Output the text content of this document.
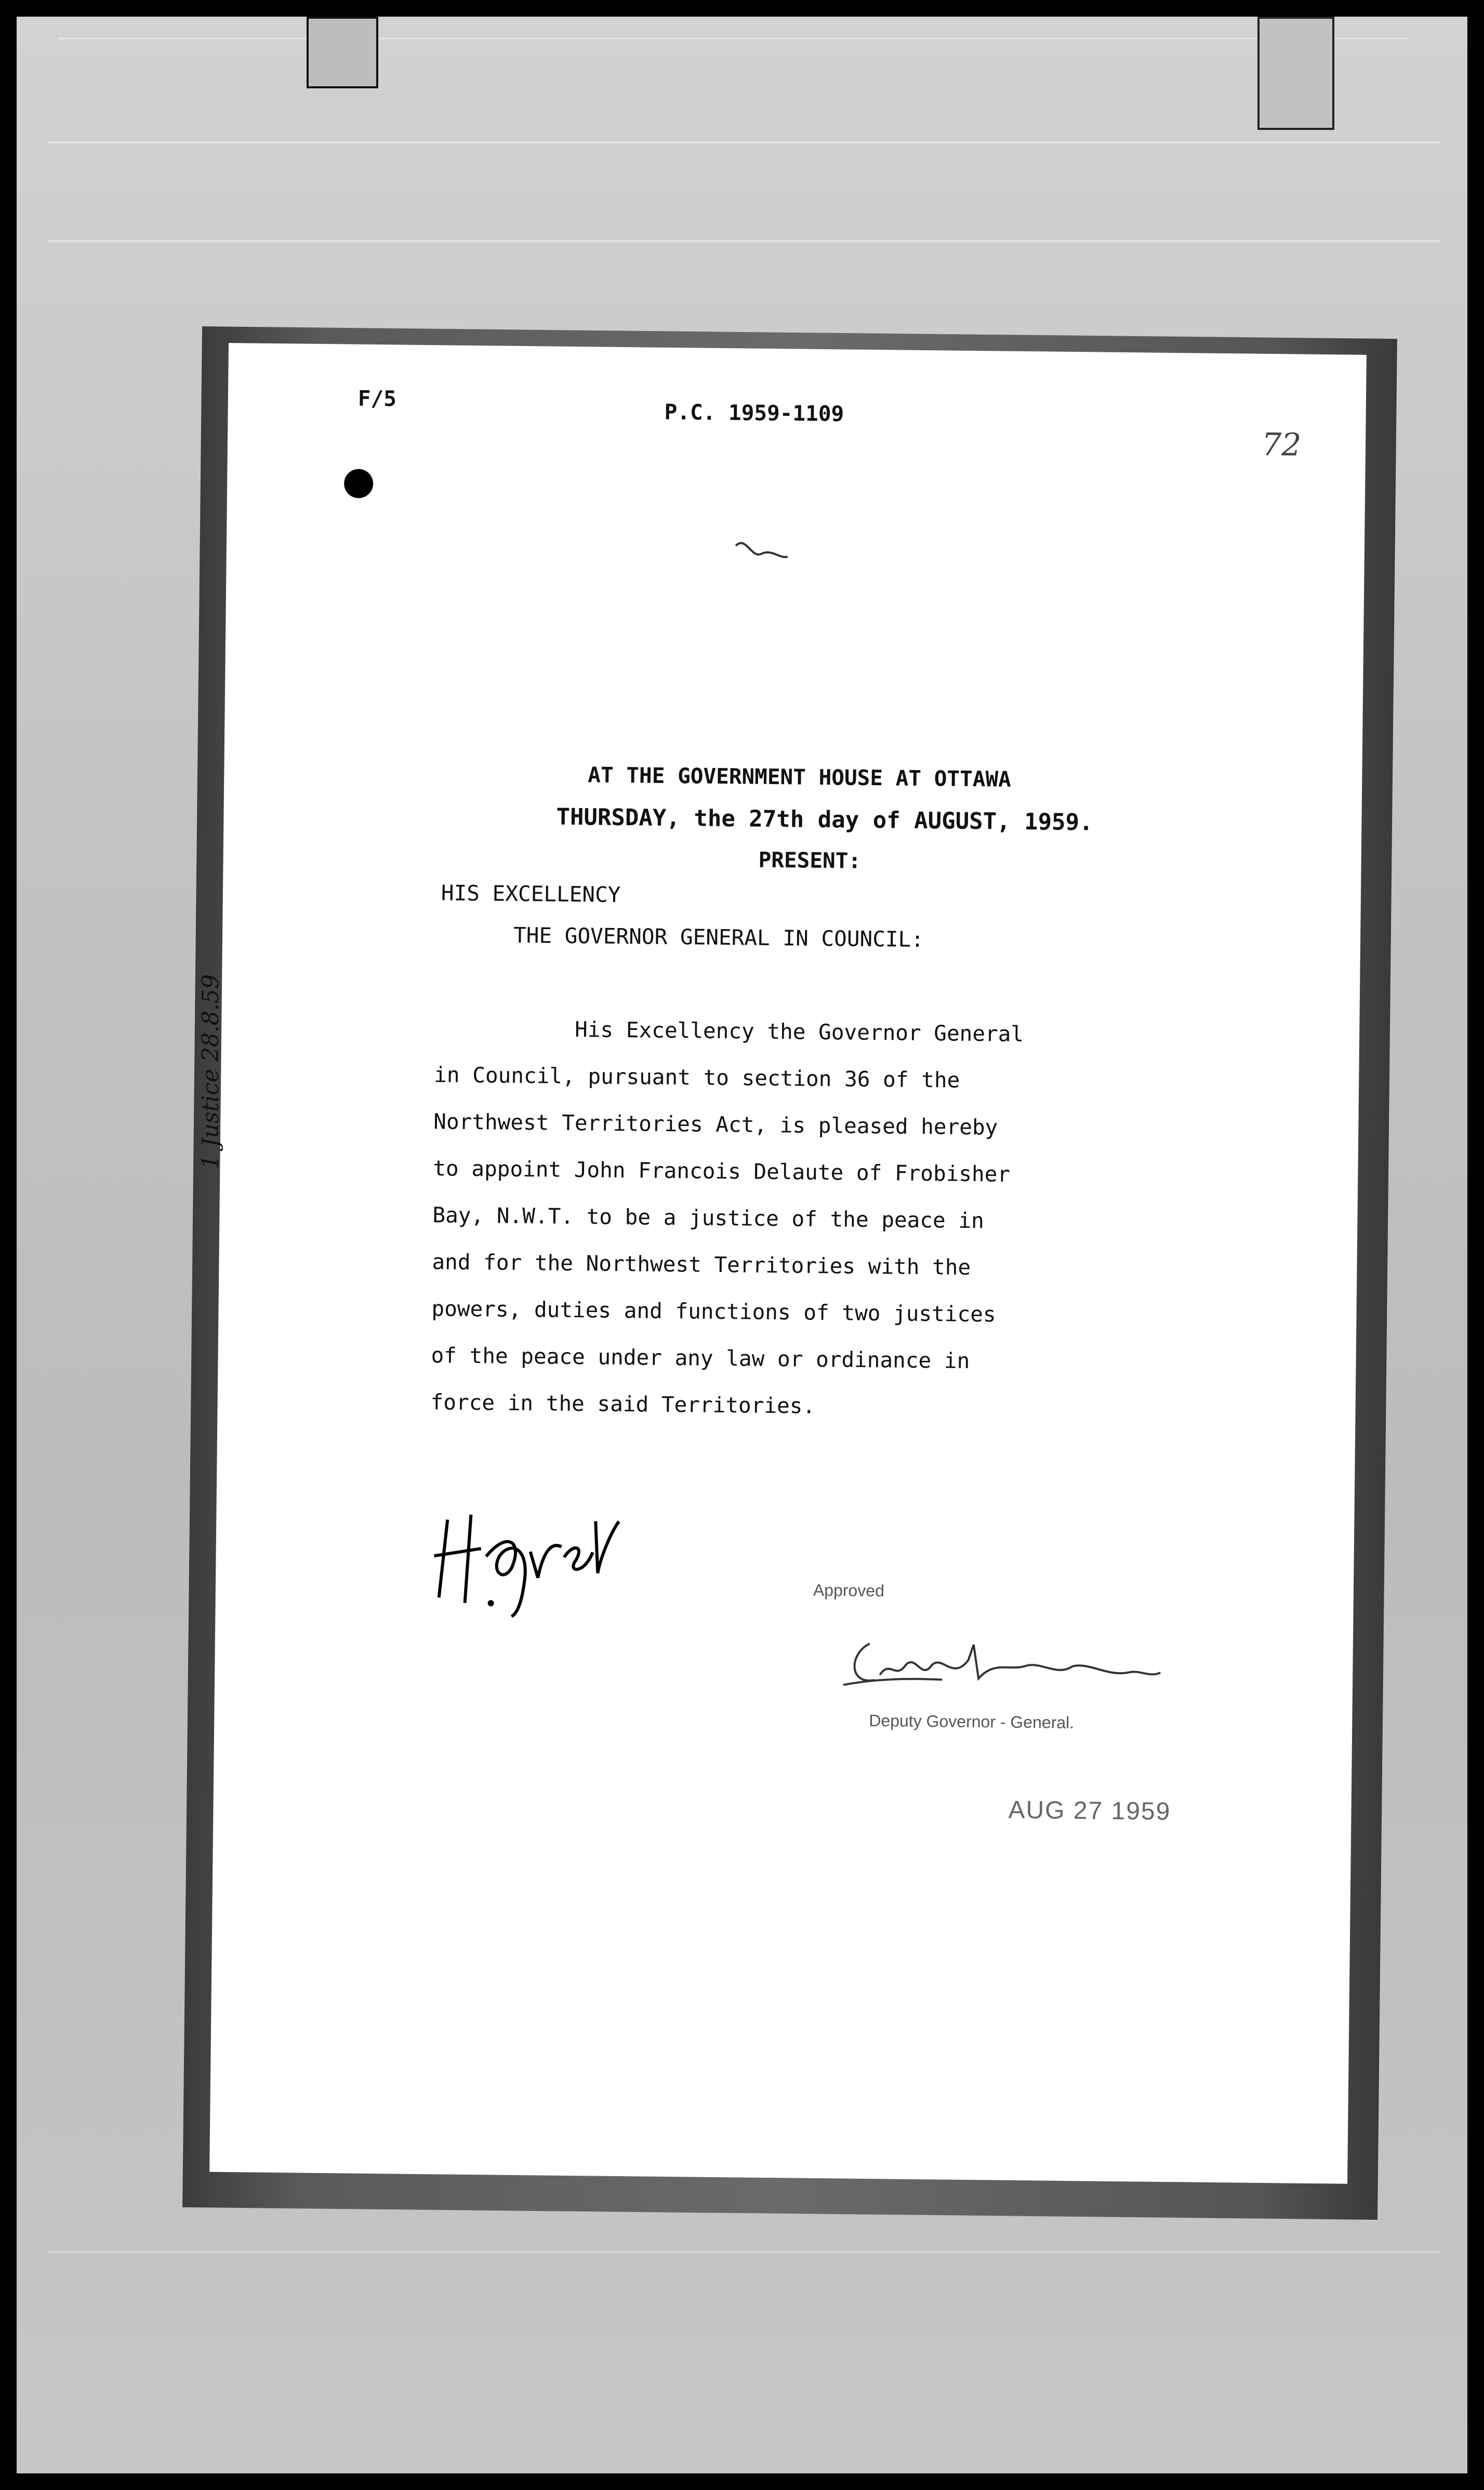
F/5
P.C. 1959-1109
72
AT THE GOVERNMENT HOUSE AT OTTAWA
THURSDAY, the 27th day of AUGUST, 1959.
PRESENT:
HIS EXCELLENCY
THE GOVERNOR GENERAL IN COUNCIL:
His Excellency the Governor General
in Council, pursuant to section 36 of the
Northwest Territories Act, is pleased hereby
to appoint John Francois Delaute of Frobisher
Bay, N.W.T. to be a justice of the peace in
and for the Northwest Territories with the
powers, duties and functions of two justices
of the peace under any law or ordinance in
force in the said Territories.
Approved
Deputy Governor - General.
AUG 27 1959
1 Justice 28.8.59
